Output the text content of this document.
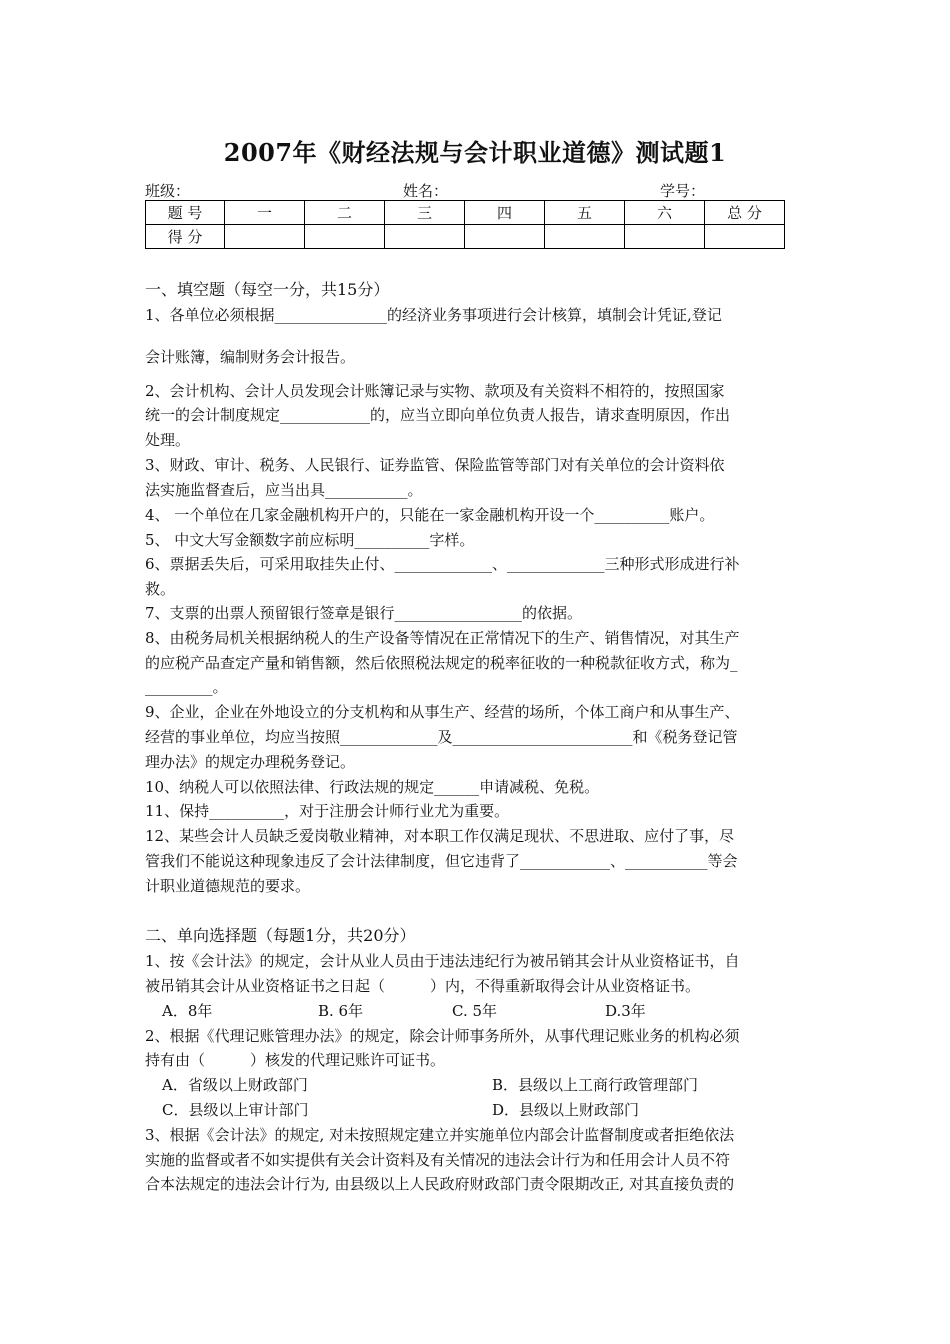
2007年《财经法规与会计职业道德》测试题1
班级：	姓名：	学号：
题 号	一	二	三	四	五	六	总 分
得 分							
一、填空题（每空一分，共15分）
1、各单位必须根据_______________的经济业务事项进行会计核算，填制会计凭证,登记
会计账簿，编制财务会计报告。
2、会计机构、会计人员发现会计账簿记录与实物、款项及有关资料不相符的，按照国家
统一的会计制度规定____________的，应当立即向单位负责人报告，请求查明原因，作出
处理。
3、财政、审计、税务、人民银行、证券监管、保险监管等部门对有关单位的会计资料依
法实施监督查后，应当出具___________。
4、 一个单位在几家金融机构开户的，只能在一家金融机构开设一个__________账户。
5、 中文大写金额数字前应标明__________字样。
6、票据丢失后，可采用取挂失止付、_____________、_____________三种形式形成进行补
救。
7、支票的出票人预留银行签章是银行_________________的依据。
8、由税务局机关根据纳税人的生产设备等情况在正常情况下的生产、销售情况，对其生产
的应税产品查定产量和销售额，然后依照税法规定的税率征收的一种税款征收方式，称为_
_________。
9、企业，企业在外地设立的分支机构和从事生产、经营的场所，个体工商户和从事生产、
经营的事业单位，均应当按照_____________及________________________和《税务登记管
理办法》的规定办理税务登记。
10、纳税人可以依照法律、行政法规的规定______申请减税、免税。
11、保持__________，对于注册会计师行业尤为重要。
12、某些会计人员缺乏爱岗敬业精神，对本职工作仅满足现状、不思进取、应付了事，尽
管我们不能说这种现象违反了会计法律制度，但它违背了____________、___________等会
计职业道德规范的要求。
二、单向选择题（每题1分，共20分）
1、按《会计法》的规定，会计从业人员由于违法违纪行为被吊销其会计从业资格证书，自
被吊销其会计从业资格证书之日起（　　　）内，不得重新取得会计从业资格证书。
A．8年	B. 6年	C. 5年	D.3年
2、根据《代理记账管理办法》的规定，除会计师事务所外，从事代理记账业务的机构必须
持有由（　　　）核发的代理记账许可证书。
A．省级以上财政部门	B．县级以上工商行政管理部门
C．县级以上审计部门	D．县级以上财政部门
3、根据《会计法》的规定, 对未按照规定建立并实施单位内部会计监督制度或者拒绝依法
实施的监督或者不如实提供有关会计资料及有关情况的违法会计行为和任用会计人员不符
合本法规定的违法会计行为, 由县级以上人民政府财政部门责令限期改正, 对其直接负责的
